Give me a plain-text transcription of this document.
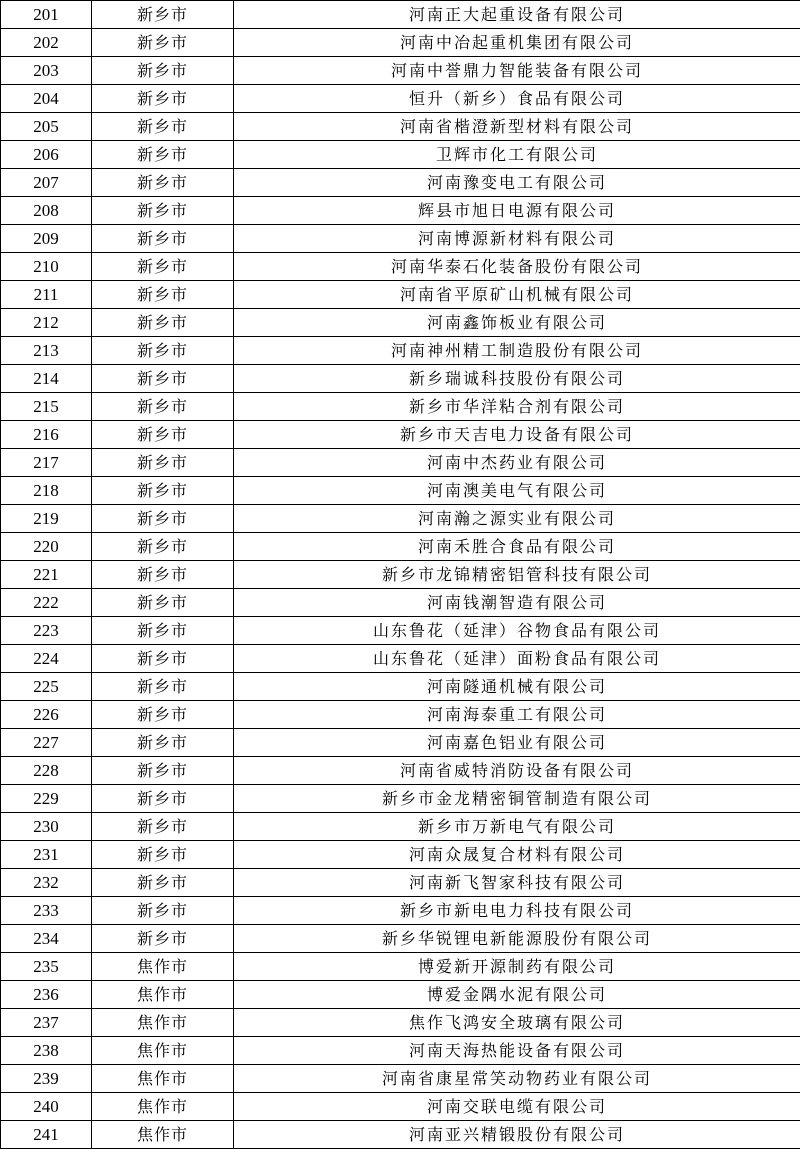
201	新乡市	河南正大起重设备有限公司
202	新乡市	河南中冶起重机集团有限公司
203	新乡市	河南中誉鼎力智能装备有限公司
204	新乡市	恒升（新乡）食品有限公司
205	新乡市	河南省楷澄新型材料有限公司
206	新乡市	卫辉市化工有限公司
207	新乡市	河南豫变电工有限公司
208	新乡市	辉县市旭日电源有限公司
209	新乡市	河南博源新材料有限公司
210	新乡市	河南华泰石化装备股份有限公司
211	新乡市	河南省平原矿山机械有限公司
212	新乡市	河南鑫饰板业有限公司
213	新乡市	河南神州精工制造股份有限公司
214	新乡市	新乡瑞诚科技股份有限公司
215	新乡市	新乡市华洋粘合剂有限公司
216	新乡市	新乡市天吉电力设备有限公司
217	新乡市	河南中杰药业有限公司
218	新乡市	河南澳美电气有限公司
219	新乡市	河南瀚之源实业有限公司
220	新乡市	河南禾胜合食品有限公司
221	新乡市	新乡市龙锦精密铝管科技有限公司
222	新乡市	河南钱潮智造有限公司
223	新乡市	山东鲁花（延津）谷物食品有限公司
224	新乡市	山东鲁花（延津）面粉食品有限公司
225	新乡市	河南隧通机械有限公司
226	新乡市	河南海泰重工有限公司
227	新乡市	河南嘉色铝业有限公司
228	新乡市	河南省威特消防设备有限公司
229	新乡市	新乡市金龙精密铜管制造有限公司
230	新乡市	新乡市万新电气有限公司
231	新乡市	河南众晟复合材料有限公司
232	新乡市	河南新飞智家科技有限公司
233	新乡市	新乡市新电电力科技有限公司
234	新乡市	新乡华锐锂电新能源股份有限公司
235	焦作市	博爱新开源制药有限公司
236	焦作市	博爱金隅水泥有限公司
237	焦作市	焦作飞鸿安全玻璃有限公司
238	焦作市	河南天海热能设备有限公司
239	焦作市	河南省康星常笑动物药业有限公司
240	焦作市	河南交联电缆有限公司
241	焦作市	河南亚兴精锻股份有限公司
